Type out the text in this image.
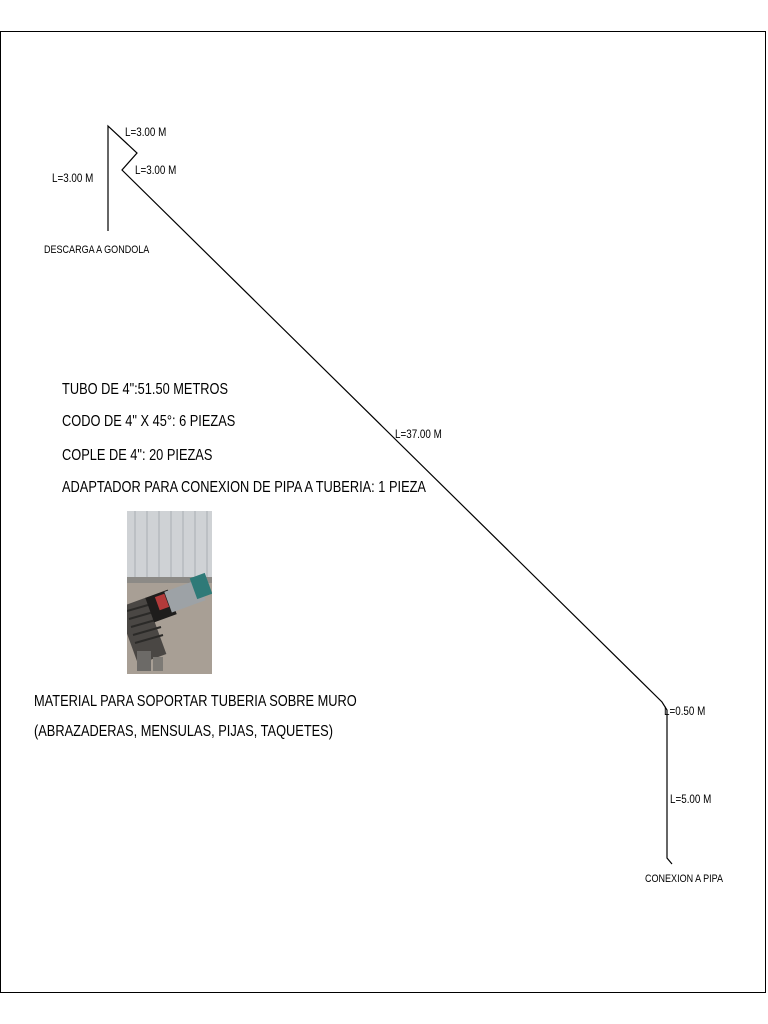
L=3.00 M
L=3.00 M
L=3.00 M
DESCARGA A GONDOLA
L=37.00 M
L=0.50 M
L=5.00 M
CONEXION A PIPA
TUBO DE 4":51.50 METROS
CODO DE 4" X 45°: 6 PIEZAS
COPLE DE 4": 20 PIEZAS
ADAPTADOR PARA CONEXION DE PIPA A TUBERIA: 1 PIEZA
MATERIAL PARA SOPORTAR TUBERIA SOBRE MURO
(ABRAZADERAS, MENSULAS, PIJAS, TAQUETES)
